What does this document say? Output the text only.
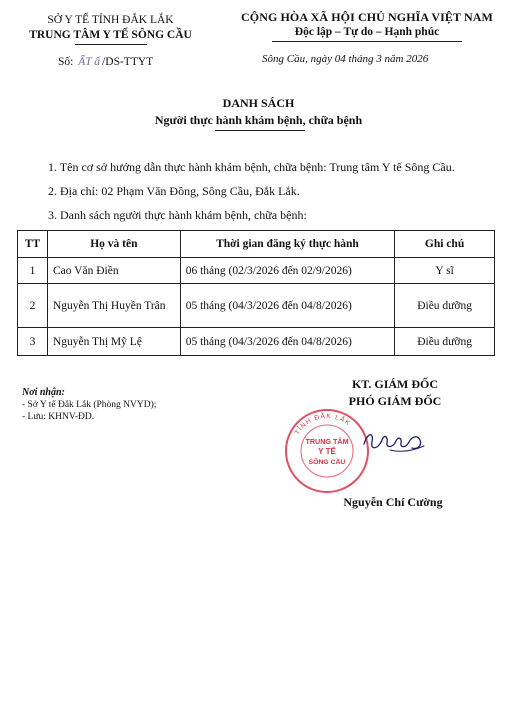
SỞ Y TẾ TỈNH ĐẮK LẮK
TRUNG TÂM Y TẾ SÔNG CẦU
Số: ẤT ấ /DS-TTYT
CỘNG HÒA XÃ HỘI CHỦ NGHĨA VIỆT NAM
Độc lập – Tự do – Hạnh phúc
Sông Cầu, ngày 04 tháng 3 năm 2026
DANH SÁCH
Người thực hành khám bệnh, chữa bệnh
1. Tên cơ sở hướng dẫn thực hành khám bệnh, chữa bệnh: Trung tâm Y tế Sông Cầu.
2. Địa chỉ: 02 Phạm Văn Đồng, Sông Cầu, Đắk Lắk.
3. Danh sách người thực hành khám bệnh, chữa bệnh:
TT	Họ và tên	Thời gian đăng ký thực hành	Ghi chú
1	Cao Văn Điền	06 tháng (02/3/2026 đến 02/9/2026)	Y sĩ
2	Nguyễn Thị Huyền Trân	05 tháng (04/3/2026 đến 04/8/2026)	Điều dưỡng
3	Nguyễn Thị Mỹ Lệ	05 tháng (04/3/2026 đến 04/8/2026)	Điều dưỡng
Nơi nhận:
- Sở Y tế Đắk Lắk (Phòng NVYD);
- Lưu: KHNV-ĐD.
KT. GIÁM ĐỐC
PHÓ GIÁM ĐỐC
TỈNH ĐẮK LẮK
TRUNG TÂM
Y TẾ
SÔNG CẦU
Nguyễn Chí Cường
